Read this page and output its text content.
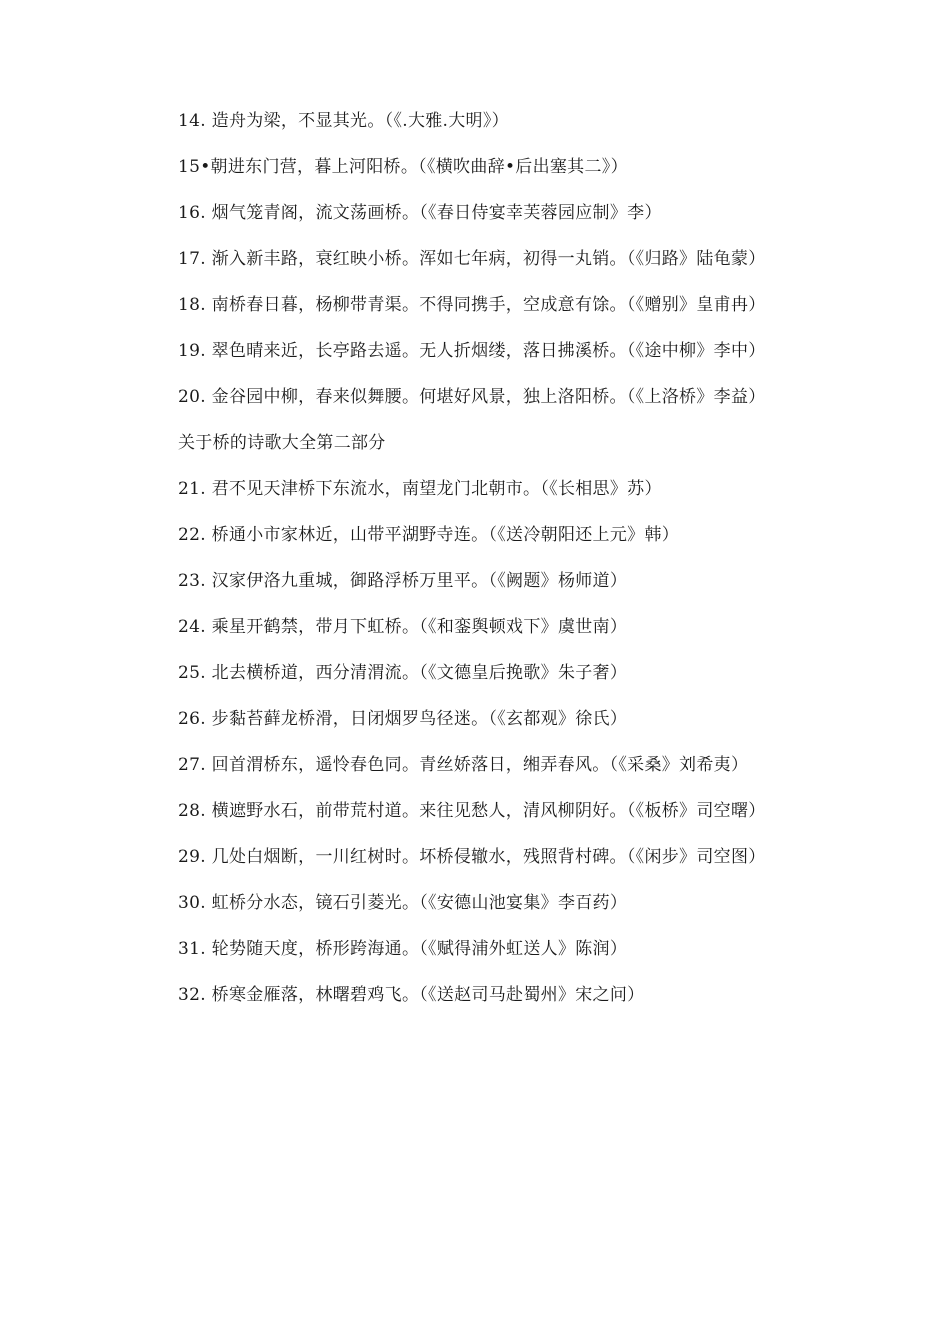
14. 造舟为梁，不显其光。（《.大雅.大明》）

15•朝进东门营，暮上河阳桥。（《横吹曲辞•后出塞其二》）

16. 烟气笼青阁，流文荡画桥。（《春日侍宴幸芙蓉园应制》李）

17. 渐入新丰路，衰红映小桥。浑如七年病，初得一丸销。（《归路》陆龟蒙）

18. 南桥春日暮，杨柳带青渠。不得同携手，空成意有馀。（《赠别》皇甫冉）

19. 翠色晴来近，长亭路去遥。无人折烟缕，落日拂溪桥。（《途中柳》李中）

20. 金谷园中柳，春来似舞腰。何堪好风景，独上洛阳桥。（《上洛桥》李益）

关于桥的诗歌大全第二部分

21. 君不见天津桥下东流水，南望龙门北朝市。（《长相思》苏）

22. 桥通小市家林近，山带平湖野寺连。（《送冷朝阳还上元》韩）

23. 汉家伊洛九重城，御路浮桥万里平。（《阙题》杨师道）

24. 乘星开鹤禁，带月下虹桥。（《和銮舆顿戏下》虞世南）

25. 北去横桥道，西分清渭流。（《文德皇后挽歌》朱子奢）

26. 步黏苔藓龙桥滑，日闭烟罗鸟径迷。（《玄都观》徐氏）

27. 回首渭桥东，遥怜春色同。青丝娇落日，缃弄春风。（《采桑》刘希夷）

28. 横遮野水石，前带荒村道。来往见愁人，清风柳阴好。（《板桥》司空曙）

29. 几处白烟断，一川红树时。坏桥侵辙水，残照背村碑。（《闲步》司空图）

30. 虹桥分水态，镜石引菱光。（《安德山池宴集》李百药）

31. 轮势随天度，桥形跨海通。（《赋得浦外虹送人》陈润）

32. 桥寒金雁落，林曙碧鸡飞。（《送赵司马赴蜀州》宋之问）
